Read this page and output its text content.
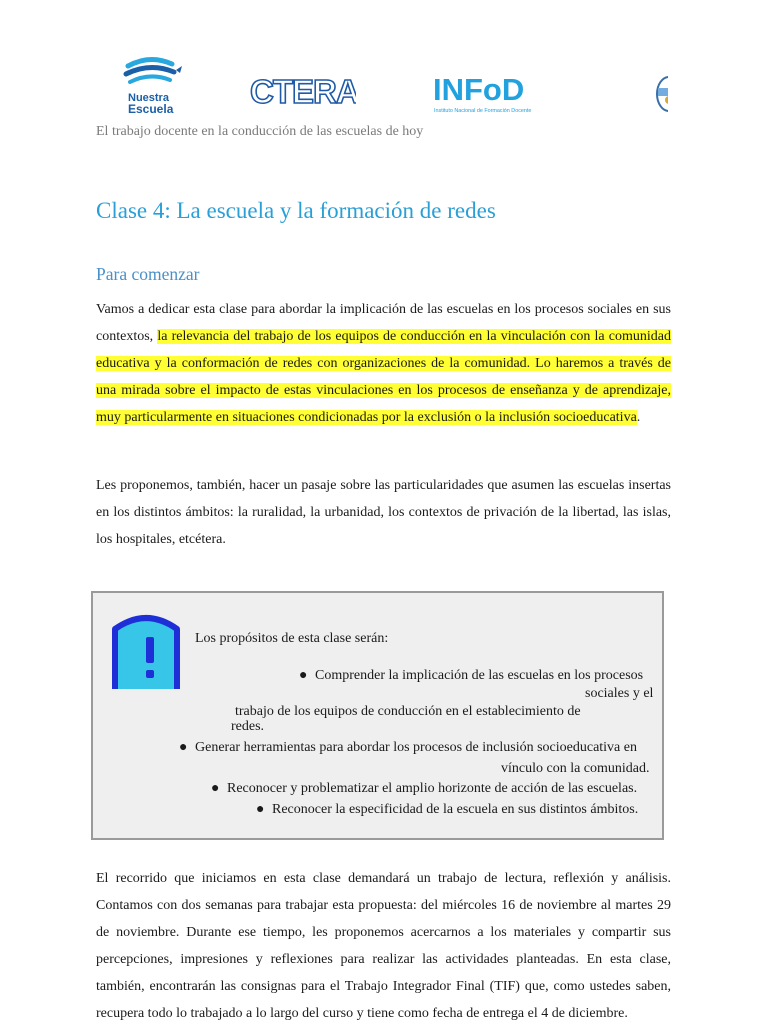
Nuestra
Escuela CTERA INFoD
Instituto Nacional de Formación Docente
El trabajo docente en la conducción de las escuelas de hoy
Clase 4: La escuela y la formación de redes
Para comenzar

Vamos a dedicar esta clase para abordar la implicación de las escuelas en los procesos sociales en sus contextos, la relevancia del trabajo de los equipos de conducción en la vinculación con la comunidad educativa y la conformación de redes con organizaciones de la comunidad. Lo haremos a través de una mirada sobre el impacto de estas vinculaciones en los procesos de enseñanza y de aprendizaje, muy particularmente en situaciones condicionadas por la exclusión o la inclusión socioeducativa.

Les proponemos, también, hacer un pasaje sobre las particularidades que asumen las escuelas insertas en los distintos ámbitos: la ruralidad, la urbanidad, los contextos de privación de la libertad, las islas, los hospitales, etcétera.

Los propósitos de esta clase serán:
● Comprender la implicación de las escuelas en los procesos
sociales y el
trabajo de los equipos de conducción en el establecimiento de
redes.
● Generar herramientas para abordar los procesos de inclusión socioeducativa en
vínculo con la comunidad.
● Reconocer y problematizar el amplio horizonte de acción de las escuelas.
● Reconocer la especificidad de la escuela en sus distintos ámbitos.

El recorrido que iniciamos en esta clase demandará un trabajo de lectura, reflexión y análisis. Contamos con dos semanas para trabajar esta propuesta: del miércoles 16 de noviembre al martes 29 de noviembre. Durante ese tiempo, les proponemos acercarnos a los materiales y compartir sus percepciones, impresiones y reflexiones para realizar las actividades planteadas. En esta clase, también, encontrarán las consignas para el Trabajo Integrador Final (TIF) que, como ustedes saben, recupera todo lo trabajado a lo largo del curso y tiene como fecha de entrega el 4 de diciembre.
